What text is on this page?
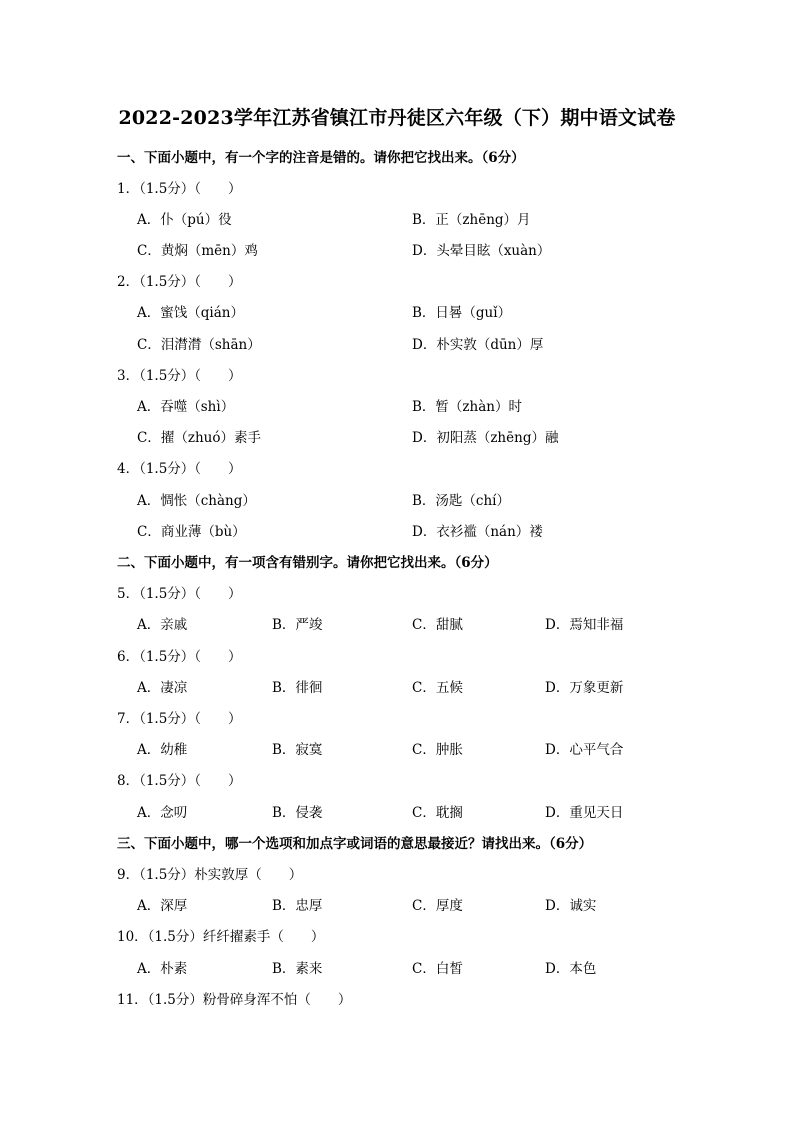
2022-2023学年江苏省镇江市丹徒区六年级（下）期中语文试卷
一、下面小题中，有一个字的注音是错的。请你把它找出来。（6分）
1．（1.5分）（　　）
A．仆（pú）役	B．正（zhēng）月
C．黄焖（mēn）鸡	D．头晕目眩（xuàn）
2．（1.5分）（　　）
A．蜜饯（qián）	B．日晷（guǐ）
C．泪潸潸（shān）	D．朴实敦（dūn）厚
3．（1.5分）（　　）
A．吞噬（shì）	B．暂（zhàn）时
C．擢（zhuó）素手	D．初阳蒸（zhēng）融
4．（1.5分）（　　）
A．惆怅（chàng）	B．汤匙（chí）
C．商业薄（bù）	D．衣衫褴（nán）褛
二、下面小题中，有一项含有错别字。请你把它找出来。（6分）
5．（1.5分）（　　）
A．亲戚	B．严竣	C．甜腻	D．焉知非福
6．（1.5分）（　　）
A．凄凉	B．徘徊	C．五候	D．万象更新
7．（1.5分）（　　）
A．幼稚	B．寂寞	C．肿胀	D．心平气合
8．（1.5分）（　　）
A．念叨	B．侵袭	C．耽搁	D．重见天日
三、下面小题中，哪一个选项和加点字或词语的意思最接近？请找出来。（6分）
9．（1.5分）朴实敦厚（　　）
A．深厚	B．忠厚	C．厚度	D．诚实
10．（1.5分）纤纤擢素手（　　）
A．朴素	B．素来	C．白皙	D．本色
11．（1.5分）粉骨碎身浑不怕（　　）
